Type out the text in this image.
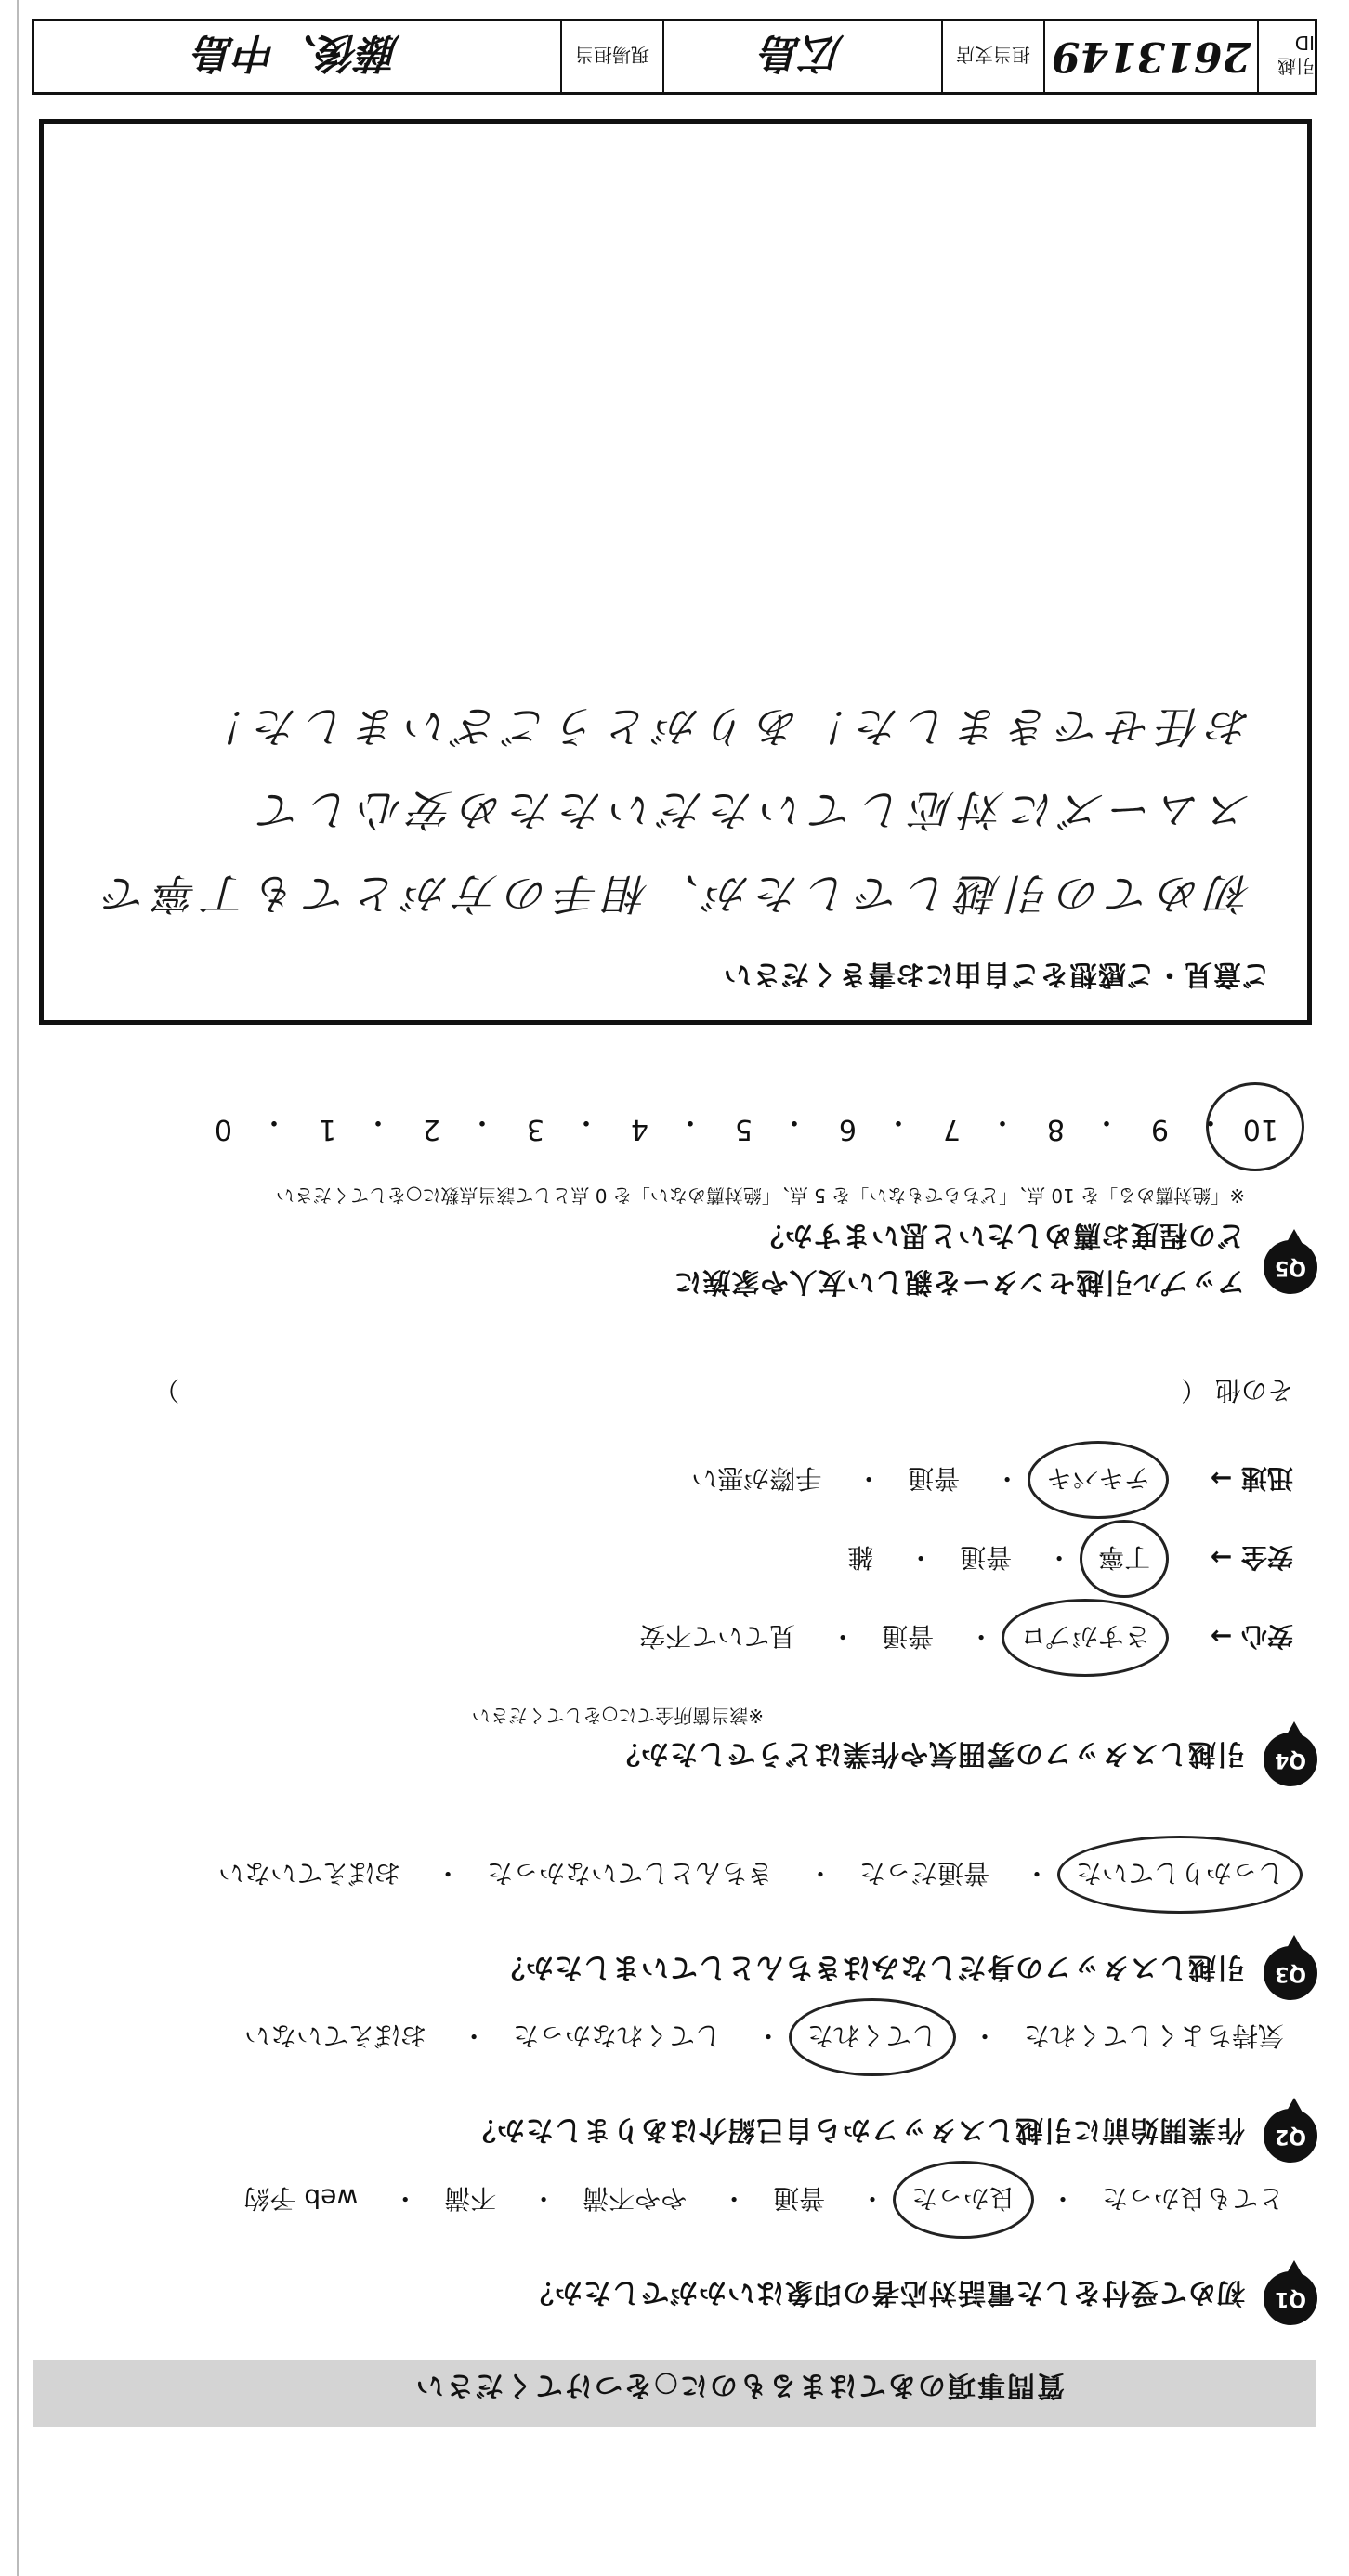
質問事項のあてはまるものに○をつけてください
Q1
初めて受付をした電話対応者の印象はいかがでしたか？
とても良かった・ 良かった・ 普通・ やや不満・ 不満・ web 予約
Q2
作業開始前に引越しスタッフから自己紹介はありましたか？
気持ちよくしてくれた・ してくれた・ してくれなかった・ おぼえていない
Q3
引越しスタッフの身だしなみはきちんとしていましたか？
しっかりしていた・ 普通だった・ きちんとしていなかった・ おぼえていない
Q4
引越しスタッフの雰囲気や作業はどうでしたか？
※該当箇所全てに○をしてください
安心 → さすがプロ・ 普通・ 見ていて不安
安全 → 丁寧・ 普通・ 雑
迅速 → テキパキ・ 普通・ 手際が悪い
その他 （  ）
Q5
アップル引越センターを親しい友人や家族に
どの程度お薦めしたいと思いますか？
※「絶対薦める」を 10 点、「どちらでもない」を 5 点、「絶対薦めない」を 0 点として該当点数に○をしてください
10
・
9
・
8
・
7
・
6
・
5
・
4
・
3
・
2
・
1
・
0
ご意見・ご感想をご自由にお書きください
初めての引越しでしたが、相手の方がとても丁寧で
スムーズに対応していただいたため安心して
お任せできました！ありがとうございました！
引越 ID
2613149
担当支店
広島
現場担当
藤後、中島
